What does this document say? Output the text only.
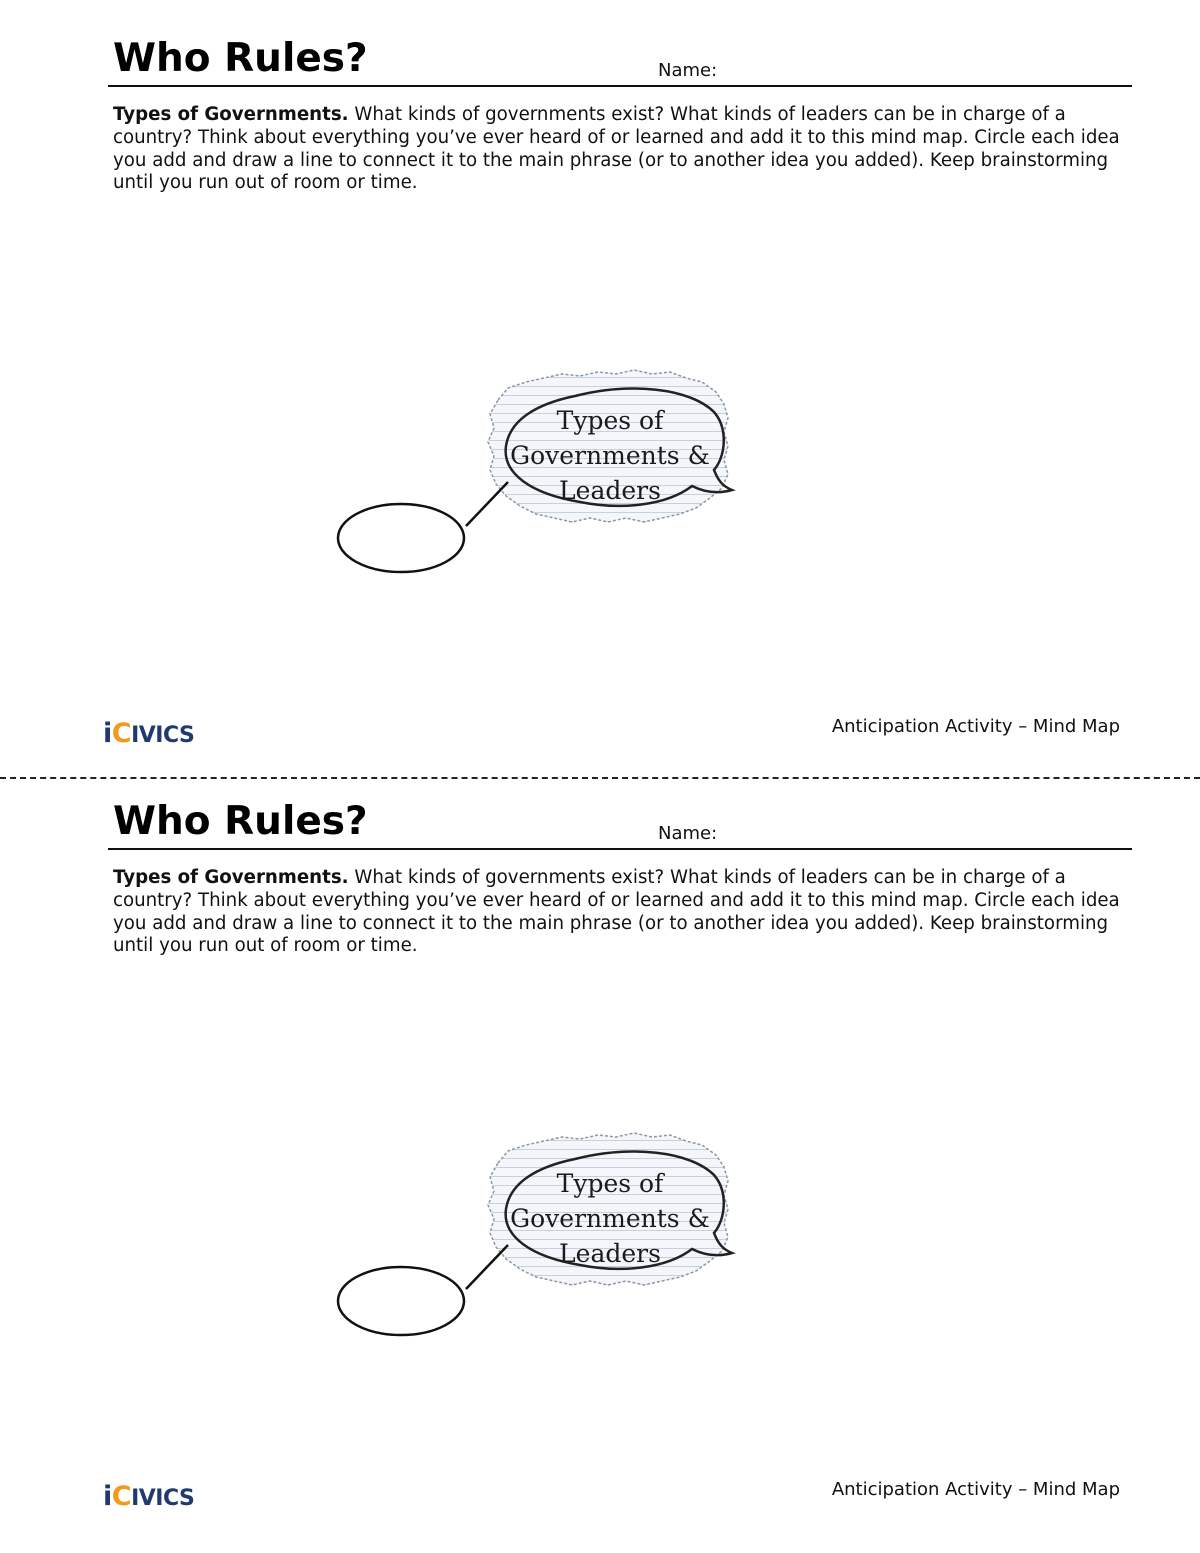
Who Rules?	Name:

Types of Governments. What kinds of governments exist? What kinds of leaders can be in charge of a country? Think about everything you’ve ever heard of or learned and add it to this mind map. Circle each idea you add and draw a line to connect it to the main phrase (or to another idea you added). Keep brainstorming until you run out of room or time.

Types of
Governments &
Leaders
iCIVICS	Anticipation Activity – Mind Map
Who Rules?	Name:

Types of Governments. What kinds of governments exist? What kinds of leaders can be in charge of a country? Think about everything you’ve ever heard of or learned and add it to this mind map. Circle each idea you add and draw a line to connect it to the main phrase (or to another idea you added). Keep brainstorming until you run out of room or time.

Types of
Governments &
Leaders
iCIVICS	Anticipation Activity – Mind Map
